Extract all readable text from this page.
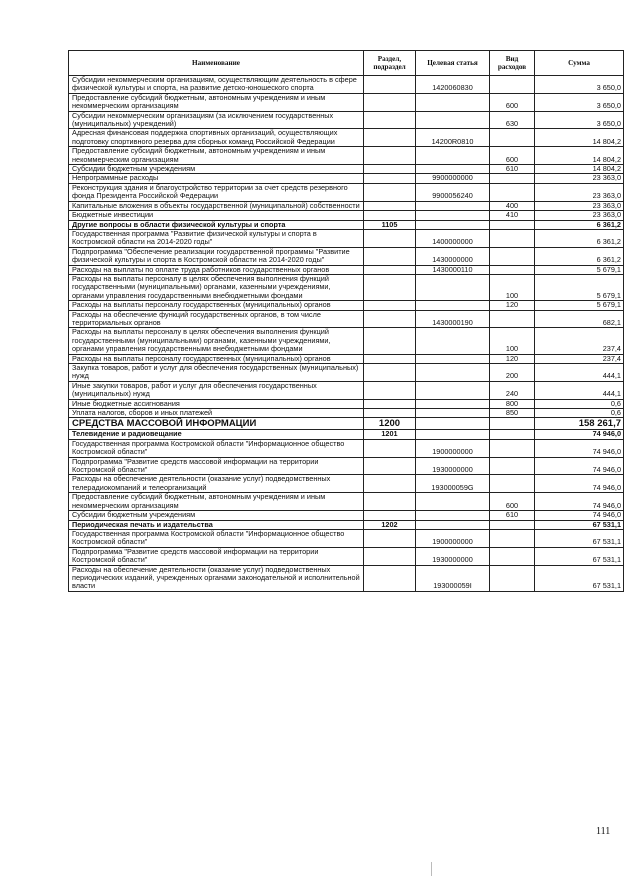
Наименование	Раздел, подраздел	Целевая статья	Вид расходов	Сумма
Субсидии некоммерческим организациям, осуществляющим деятельность в сфере физической культуры и спорта, на развитие детско-юношеского спорта		1420060830		3 650,0
Предоставление субсидий бюджетным, автономным учреждениям и иным некоммерческим организациям			600	3 650,0
Субсидии некоммерческим организациям (за исключением государственных (муниципальных) учреждений)			630	3 650,0
Адресная финансовая поддержка спортивных организаций, осуществляющих подготовку спортивного резерва для сборных команд Российской Федерации		14200R0810		14 804,2
Предоставление субсидий бюджетным, автономным учреждениям и иным некоммерческим организациям			600	14 804,2
Субсидии бюджетным учреждениям			610	14 804,2
Непрограммные расходы		9900000000		23 363,0
Реконструкция здания и благоустройство территории за счет средств резервного фонда Президента Российской Федерации		9900056240		23 363,0
Капитальные вложения в объекты государственной (муниципальной) собственности			400	23 363,0
Бюджетные инвестиции			410	23 363,0
Другие вопросы в области физической культуры и спорта	1105			6 361,2
Государственная программа "Развитие физической культуры и спорта в Костромской области на 2014-2020 годы"		1400000000		6 361,2
Подпрограмма "Обеспечение реализации государственной программы "Развитие физической культуры и спорта в Костромской области на 2014-2020 годы"		1430000000		6 361,2
Расходы на выплаты по оплате труда работников государственных органов		1430000110		5 679,1
Расходы на выплаты персоналу в целях обеспечения выполнения функций государственными (муниципальными) органами, казенными учреждениями, органами управления государственными внебюджетными фондами			100	5 679,1
Расходы на выплаты персоналу государственных (муниципальных) органов			120	5 679,1
Расходы на обеспечение функций государственных органов, в том числе территориальных органов		1430000190		682,1
Расходы на выплаты персоналу в целях обеспечения выполнения функций государственными (муниципальными) органами, казенными учреждениями, органами управления государственными внебюджетными фондами			100	237,4
Расходы на выплаты персоналу государственных (муниципальных) органов			120	237,4
Закупка товаров, работ и услуг для обеспечения государственных (муниципальных) нужд			200	444,1
Иные закупки товаров, работ и услуг для обеспечения государственных (муниципальных) нужд			240	444,1
Иные бюджетные ассигнования			800	0,6
Уплата налогов, сборов и иных платежей			850	0,6
СРЕДСТВА МАССОВОЙ ИНФОРМАЦИИ	1200			158 261,7
Телевидение и радиовещание	1201			74 946,0
Государственная программа Костромской области "Информационное общество Костромской области"		1900000000		74 946,0
Подпрограмма "Развитие средств массовой информации на территории Костромской области"		1930000000		74 946,0
Расходы на обеспечение деятельности (оказание услуг) подведомственных телерадиокомпаний и телеорганизаций		193000059G		74 946,0
Предоставление субсидий бюджетным, автономным учреждениям и иным некоммерческим организациям			600	74 946,0
Субсидии бюджетным учреждениям			610	74 946,0
Периодическая печать и издательства	1202			67 531,1
Государственная программа Костромской области "Информационное общество Костромской области"		1900000000		67 531,1
Подпрограмма "Развитие средств массовой информации на территории Костромской области"		1930000000		67 531,1
Расходы на обеспечение деятельности (оказание услуг) подведомственных периодических изданий, учрежденных органами законодательной и исполнительной власти		193000059I		67 531,1
111
